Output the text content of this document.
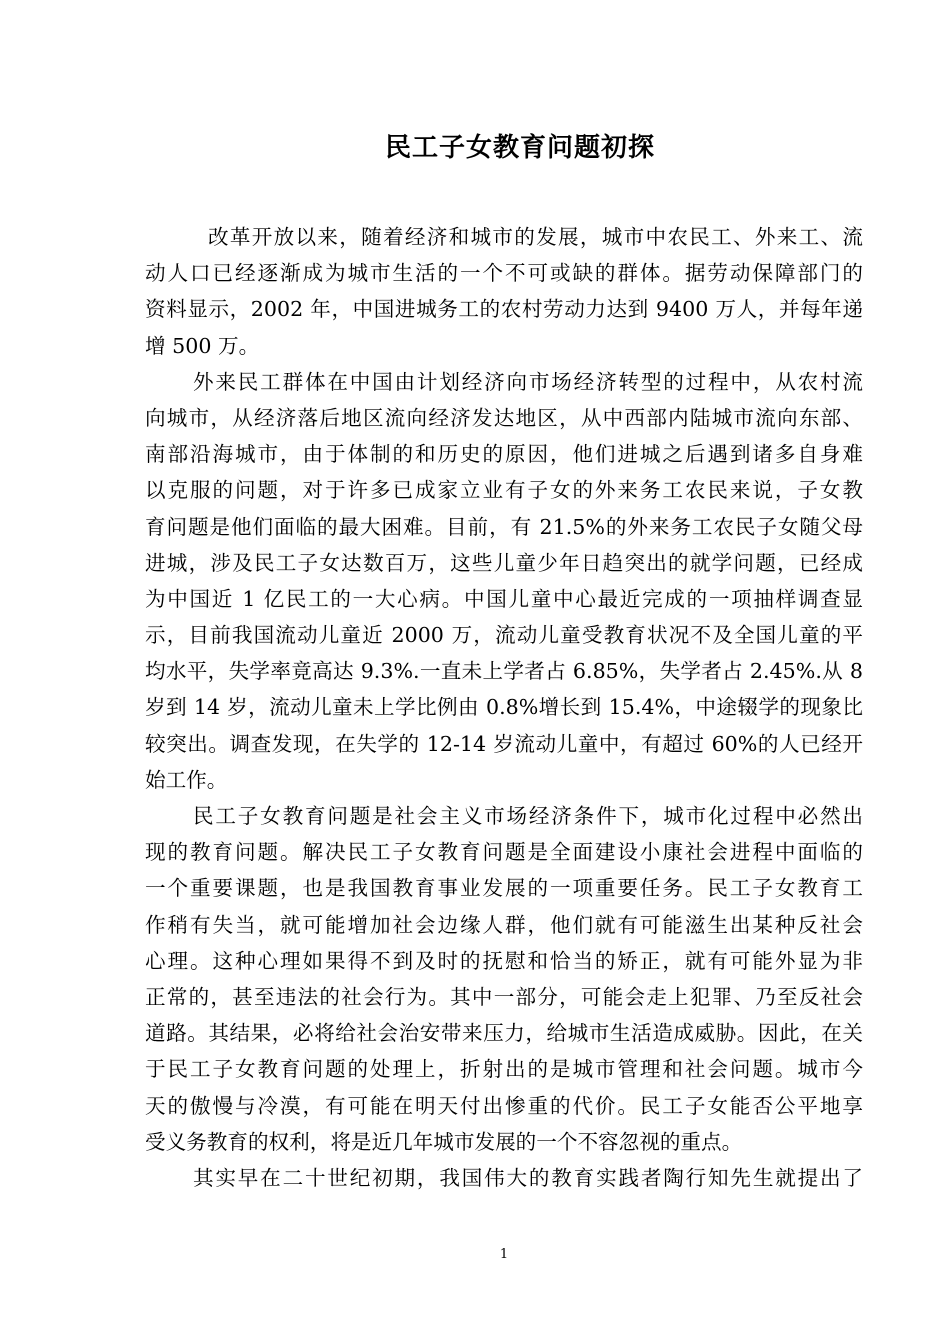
民工子女教育问题初探
改革开放以来，随着经济和城市的发展，城市中农民工、外来工、流
动人口已经逐渐成为城市生活的一个不可或缺的群体。据劳动保障部门的
资料显示，2002 年，中国进城务工的农村劳动力达到 9400 万人，并每年递
增 500 万。
外来民工群体在中国由计划经济向市场经济转型的过程中，从农村流
向城市，从经济落后地区流向经济发达地区，从中西部内陆城市流向东部、
南部沿海城市，由于体制的和历史的原因，他们进城之后遇到诸多自身难
以克服的问题，对于许多已成家立业有子女的外来务工农民来说，子女教
育问题是他们面临的最大困难。目前，有 21.5%的外来务工农民子女随父母
进城，涉及民工子女达数百万，这些儿童少年日趋突出的就学问题，已经成
为中国近 1 亿民工的一大心病。中国儿童中心最近完成的一项抽样调查显
示，目前我国流动儿童近 2000 万，流动儿童受教育状况不及全国儿童的平
均水平，失学率竟高达 9.3%.一直未上学者占 6.85%，失学者占 2.45%.从 8
岁到 14 岁，流动儿童未上学比例由 0.8%增长到 15.4%，中途辍学的现象比
较突出。调查发现，在失学的 12-14 岁流动儿童中，有超过 60%的人已经开
始工作。
民工子女教育问题是社会主义市场经济条件下，城市化过程中必然出
现的教育问题。解决民工子女教育问题是全面建设小康社会进程中面临的
一个重要课题，也是我国教育事业发展的一项重要任务。民工子女教育工
作稍有失当，就可能增加社会边缘人群，他们就有可能滋生出某种反社会
心理。这种心理如果得不到及时的抚慰和恰当的矫正，就有可能外显为非
正常的，甚至违法的社会行为。其中一部分，可能会走上犯罪、乃至反社会
道路。其结果，必将给社会治安带来压力，给城市生活造成威胁。因此，在关
于民工子女教育问题的处理上，折射出的是城市管理和社会问题。城市今
天的傲慢与冷漠，有可能在明天付出惨重的代价。民工子女能否公平地享
受义务教育的权利，将是近几年城市发展的一个不容忽视的重点。
其实早在二十世纪初期，我国伟大的教育实践者陶行知先生就提出了
1
